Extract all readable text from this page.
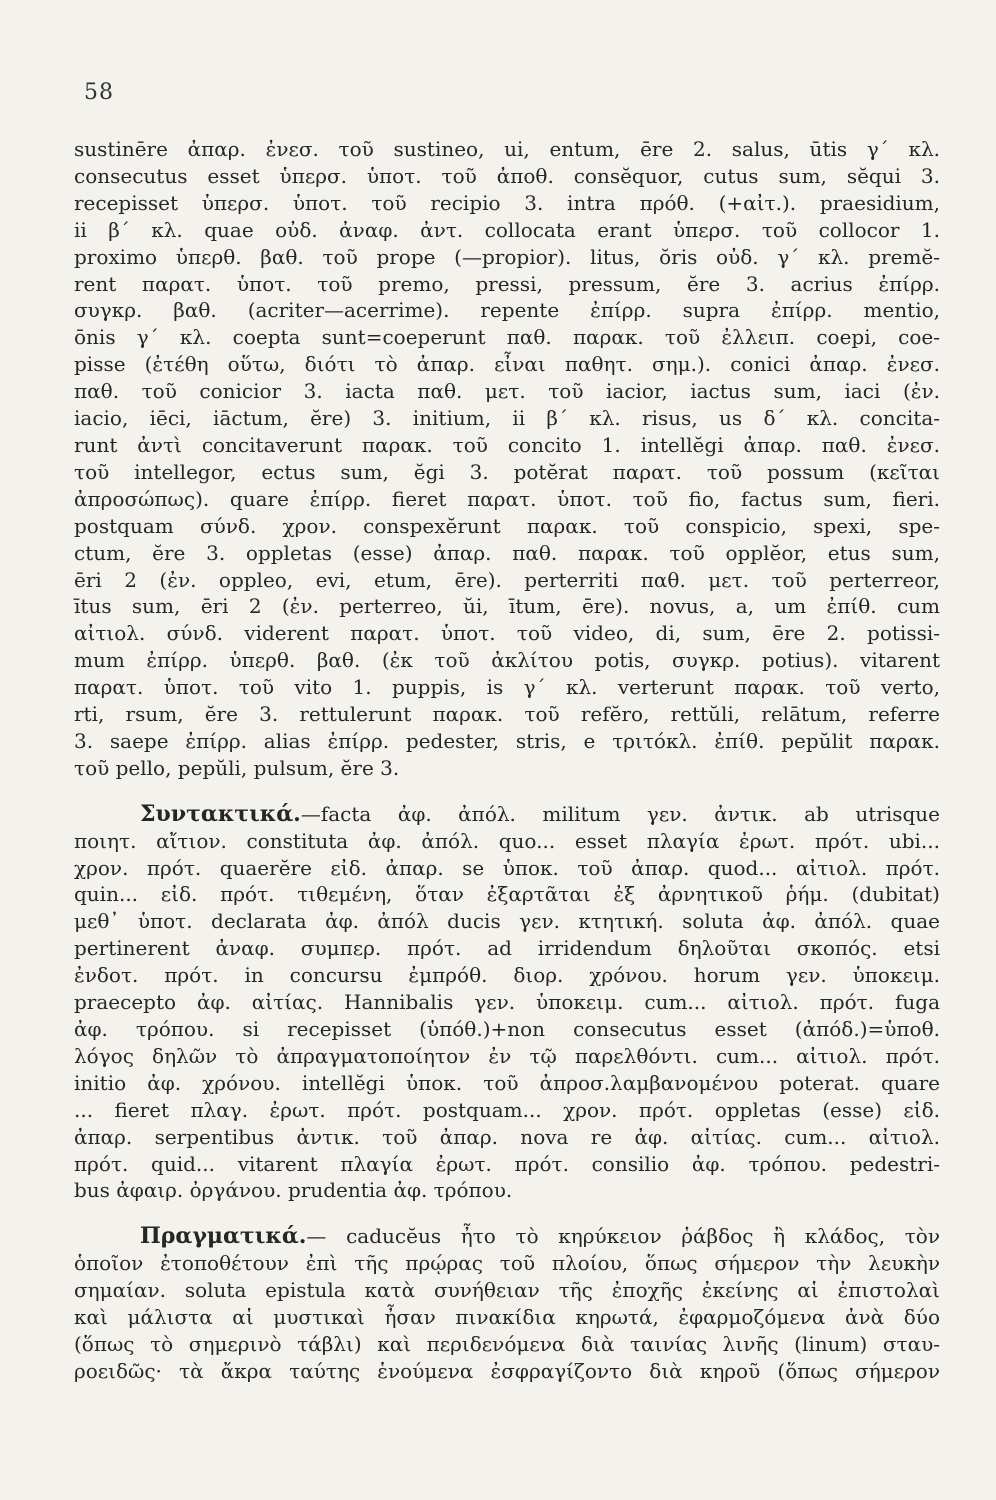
58
sustinēre ἀπαρ. ἐνεσ. τοῦ sustineo, ui, entum, ēre 2. salus, ūtis γ΄ κλ.
consecutus esset ὑπερσ. ὑποτ. τοῦ ἀποθ. consĕquor, cutus sum, sĕqui 3.
recepisset ὑπερσ. ὑποτ. τοῦ recipio 3. intra πρόθ. (+αἰτ.). praesidium,
ii β΄ κλ. quae οὐδ. ἀναφ. ἀντ. collocata erant ὑπερσ. τοῦ collocor 1.
proximo ὑπερθ. βαθ. τοῦ prope (—propior). litus, ŏris οὐδ. γ΄ κλ. premĕ-
rent παρατ. ὑποτ. τοῦ premo, pressi, pressum, ĕre 3. acrius ἐπίρρ.
συγκρ. βαθ. (acriter—acerrime). repente ἐπίρρ. supra ἐπίρρ. mentio,
ōnis γ΄ κλ. coepta sunt=coeperunt παθ. παρακ. τοῦ ἐλλειπ. coepi, coe-
pisse (ἐτέθη οὕτω, διότι τὸ ἀπαρ. εἶναι παθητ. σημ.). conici ἀπαρ. ἐνεσ.
παθ. τοῦ conicior 3. iacta παθ. μετ. τοῦ iacior, iactus sum, iaci (ἐν.
iacio, iēci, iāctum, ĕre) 3. initium, ii β΄ κλ. risus, us δ΄ κλ. concita-
runt ἀντὶ concitaverunt παρακ. τοῦ concito 1. intellĕgi ἀπαρ. παθ. ἐνεσ.
τοῦ intellegor, ectus sum, ĕgi 3. potĕrat παρατ. τοῦ possum (κεῖται
ἀπροσώπως). quare ἐπίρρ. fieret παρατ. ὑποτ. τοῦ fio, factus sum, fieri.
postquam σύνδ. χρον. conspexĕrunt παρακ. τοῦ conspicio, spexi, spe-
ctum, ĕre 3. oppletas (esse) ἀπαρ. παθ. παρακ. τοῦ opplĕor, etus sum,
ēri 2 (ἐν. oppleo, evi, etum, ēre). perterriti παθ. μετ. τοῦ perterreor,
ītus sum, ēri 2 (ἐν. perterreo, ŭi, ītum, ēre). novus, a, um ἐπίθ. cum
αἰτιολ. σύνδ. viderent παρατ. ὑποτ. τοῦ video, di, sum, ēre 2. potissi-
mum ἐπίρρ. ὑπερθ. βαθ. (ἐκ τοῦ ἀκλίτου potis, συγκρ. potius). vitarent
παρατ. ὑποτ. τοῦ vito 1. puppis, is γ΄ κλ. verterunt παρακ. τοῦ verto,
rti, rsum, ĕre 3. rettulerunt παρακ. τοῦ refĕro, rettŭli, relātum, referre
3. saepe ἐπίρρ. alias ἐπίρρ. pedester, stris, e τριτόκλ. ἐπίθ. pepŭlit παρακ.
τοῦ pello, pepŭli, pulsum, ĕre 3.
Συντακτικά.—facta ἀφ. ἀπόλ. militum γεν. ἀντικ. ab utrisque
ποιητ. αἴτιον. constituta ἀφ. ἀπόλ. quo... esset πλαγία ἐρωτ. πρότ. ubi...
χρον. πρότ. quaerĕre εἰδ. ἀπαρ. se ὑποκ. τοῦ ἀπαρ. quod... αἰτιολ. πρότ.
quin... εἰδ. πρότ. τιθεμένη, ὅταν ἐξαρτᾶται ἐξ ἀρνητικοῦ ῥήμ. (dubitat)
μεθ᾽ ὑποτ. declarata ἀφ. ἀπόλ ducis γεν. κτητική. soluta ἀφ. ἀπόλ. quae
pertinerent ἀναφ. συμπερ. πρότ. ad irridendum δηλοῦται σκοπός. etsi
ἐνδοτ. πρότ. in concursu ἐμπρόθ. διορ. χρόνου. horum γεν. ὑποκειμ.
praecepto ἀφ. αἰτίας. Hannibalis γεν. ὑποκειμ. cum... αἰτιολ. πρότ. fuga
ἀφ. τρόπου. si recepisset (ὑπόθ.)+non consecutus esset (ἀπόδ.)=ὑποθ.
λόγος δηλῶν τὸ ἀπραγματοποίητον ἐν τῷ παρελθόντι. cum... αἰτιολ. πρότ.
initio ἀφ. χρόνου. intellĕgi ὑποκ. τοῦ ἀπροσ.λαμβανομένου poterat. quare
... fieret πλαγ. ἐρωτ. πρότ. postquam... χρον. πρότ. oppletas (esse) εἰδ.
ἀπαρ. serpentibus ἀντικ. τοῦ ἀπαρ. nova re ἀφ. αἰτίας. cum... αἰτιολ.
πρότ. quid... vitarent πλαγία ἐρωτ. πρότ. consilio ἀφ. τρόπου. pedestri-
bus ἀφαιρ. ὀργάνου. prudentia ἀφ. τρόπου.
Πραγματικά.— caducĕus ἦτο τὸ κηρύκειον ῥάβδος ἢ κλάδος, τὸν
ὁποῖον ἐτοποθέτουν ἐπὶ τῆς πρῴρας τοῦ πλοίου, ὅπως σήμερον τὴν λευκὴν
σημαίαν. soluta epistula κατὰ συνήθειαν τῆς ἐποχῆς ἐκείνης αἱ ἐπιστολαὶ
καὶ μάλιστα αἱ μυστικαὶ ἦσαν πινακίδια κηρωτά, ἐφαρμοζόμενα ἀνὰ δύο
(ὅπως τὸ σημερινὸ τάβλι) καὶ περιδενόμενα διὰ ταινίας λινῆς (linum) σταυ-
ροειδῶς· τὰ ἄκρα ταύτης ἑνούμενα ἐσφραγίζοντο διὰ κηροῦ (ὅπως σήμερον
